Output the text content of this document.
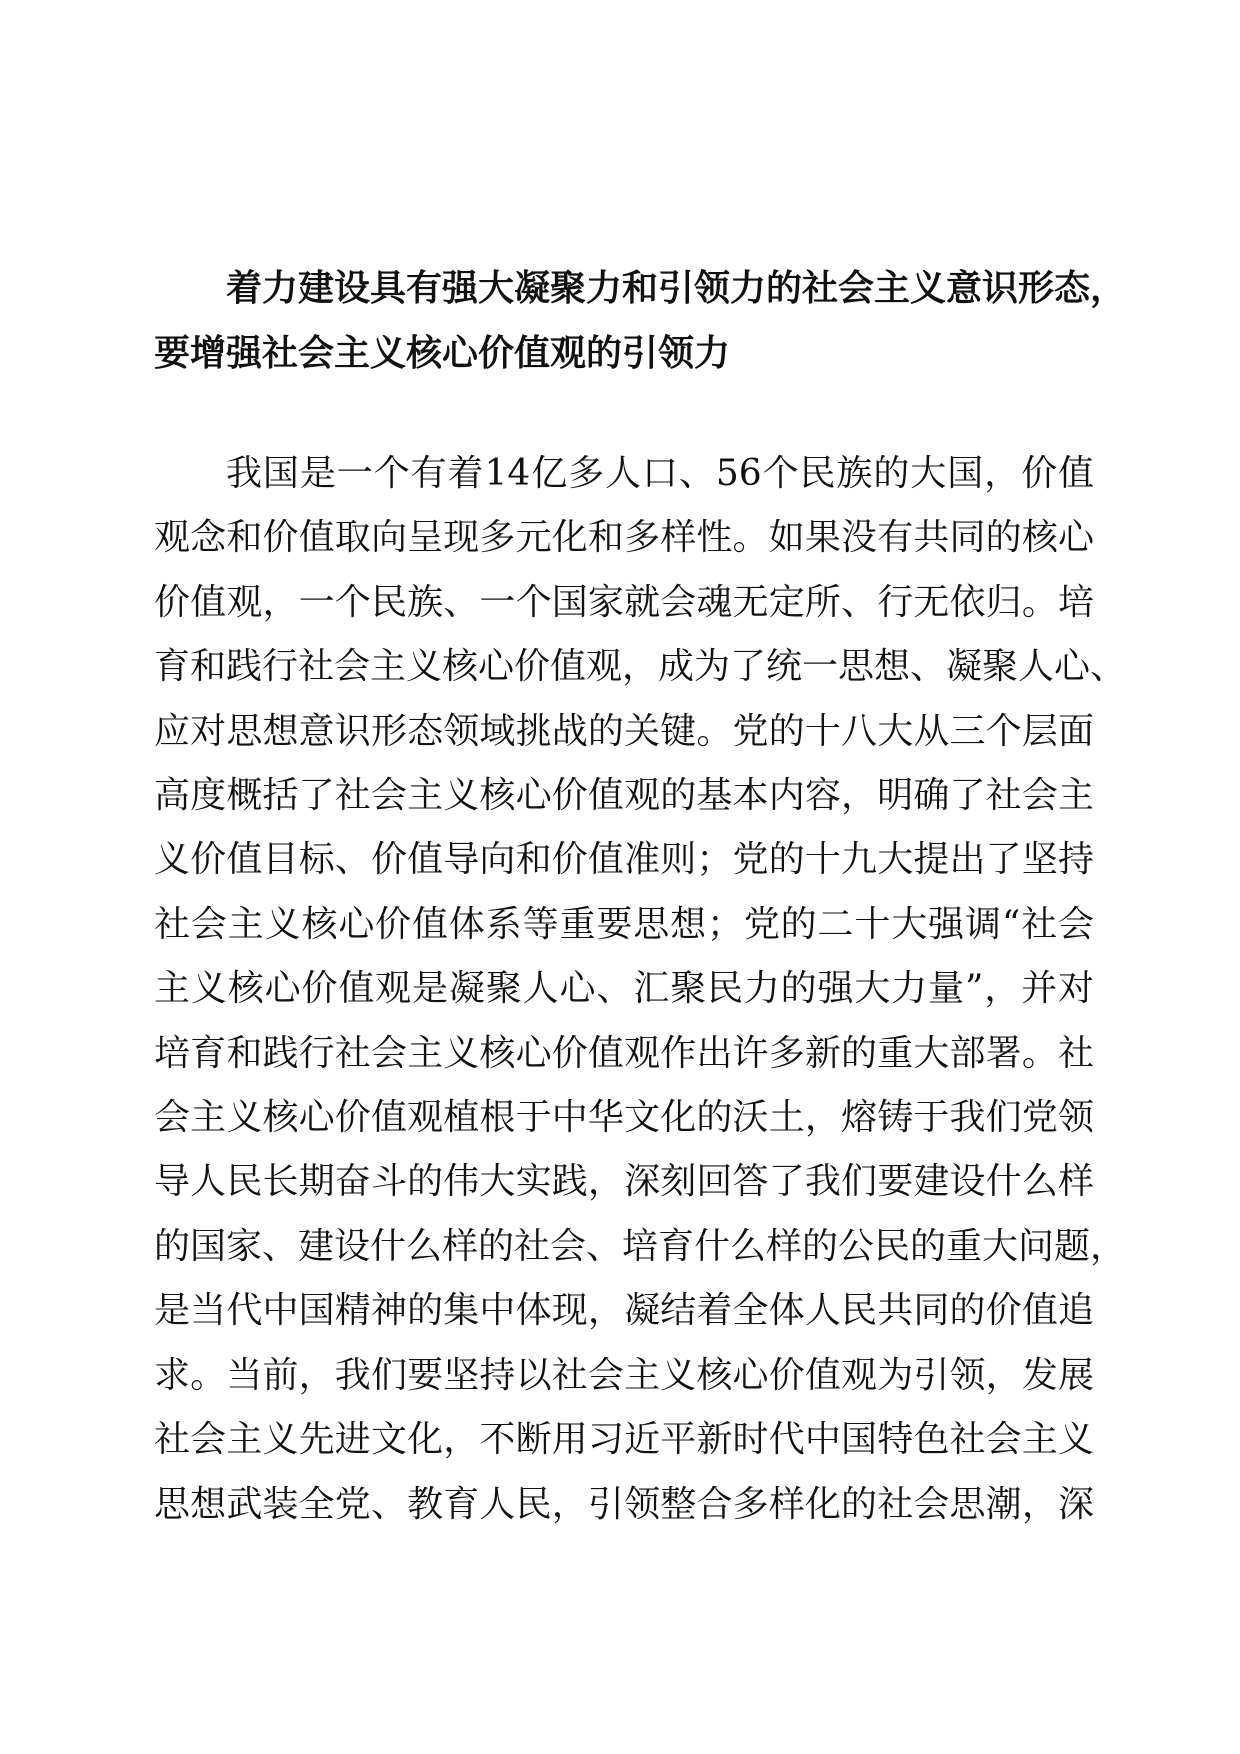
着力建设具有强大凝聚力和引领力的社会主义意识形态，
要增强社会主义核心价值观的引领力
我国是一个有着14亿多人口、56个民族的大国，价值
观念和价值取向呈现多元化和多样性。如果没有共同的核心
价值观，一个民族、一个国家就会魂无定所、行无依归。培
育和践行社会主义核心价值观，成为了统一思想、凝聚人心、
应对思想意识形态领域挑战的关键。党的十八大从三个层面
高度概括了社会主义核心价值观的基本内容，明确了社会主
义价值目标、价值导向和价值准则；党的十九大提出了坚持
社会主义核心价值体系等重要思想；党的二十大强调“社会
主义核心价值观是凝聚人心、汇聚民力的强大力量”，并对
培育和践行社会主义核心价值观作出许多新的重大部署。社
会主义核心价值观植根于中华文化的沃土，熔铸于我们党领
导人民长期奋斗的伟大实践，深刻回答了我们要建设什么样
的国家、建设什么样的社会、培育什么样的公民的重大问题，
是当代中国精神的集中体现，凝结着全体人民共同的价值追
求。当前，我们要坚持以社会主义核心价值观为引领，发展
社会主义先进文化，不断用习近平新时代中国特色社会主义
思想武装全党、教育人民，引领整合多样化的社会思潮，深
